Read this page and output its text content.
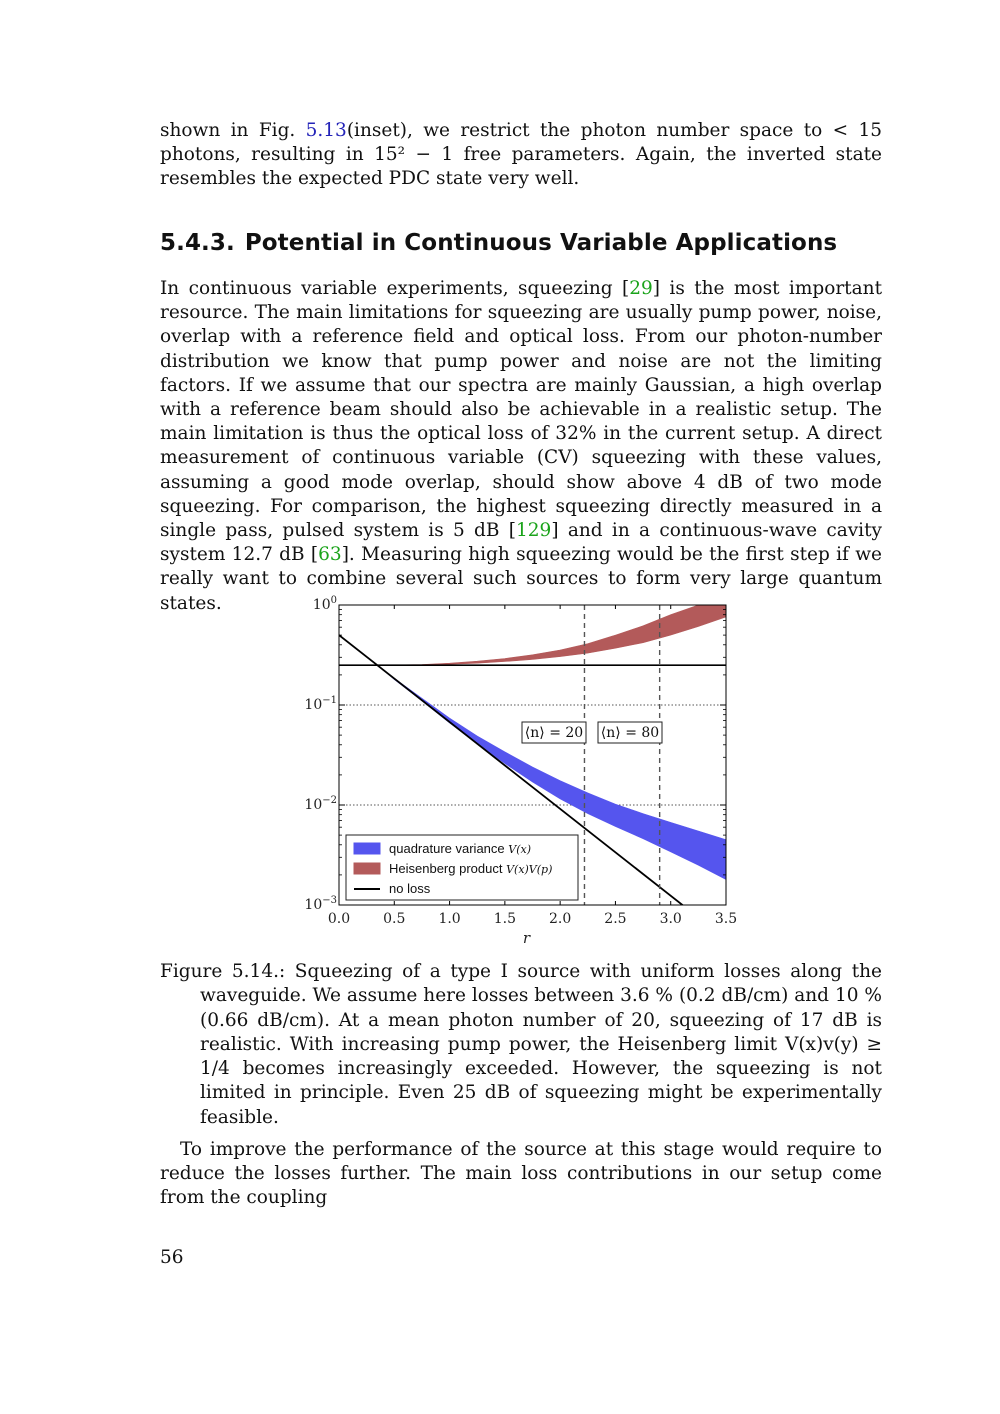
shown in Fig. 5.13(inset), we restrict the photon number space to < 15 photons, resulting in 15² − 1 free parameters. Again, the inverted state resembles the expected PDC state very well.

5.4.3. Potential in Continuous Variable Applications

In continuous variable experiments, squeezing [29] is the most important resource. The main limitations for squeezing are usually pump power, noise, overlap with a reference field and optical loss. From our photon-number distribution we know that pump power and noise are not the limiting factors. If we assume that our spectra are mainly Gaussian, a high overlap with a reference beam should also be achievable in a realistic setup. The main limitation is thus the optical loss of 32% in the current setup. A direct measurement of continuous variable (CV) squeezing with these values, assuming a good mode overlap, should show above 4 dB of two mode squeezing. For comparison, the highest squeezing directly measured in a single pass, pulsed system is 5 dB [129] and in a continuous-wave cavity system 12.7 dB [63]. Measuring high squeezing would be the first step if we really want to combine several such sources to form very large quantum states.

0.0 0.5 1.0 1.5 2.0 2.5 3.0 3.5
$10^0$
$10^{-1}$
$10^{-2}$
$10^{-3}$
r
⟨n⟩ = 20 ⟨n⟩ = 80
quadrature variance V(x)
Heisenberg product V(x)V(p)
no loss
Figure 5.14.: Squeezing of a type I source with uniform losses along the waveguide. We assume here losses between 3.6 % (0.2 dB/cm) and 10 % (0.66 dB/cm). At a mean photon number of 20, squeezing of 17 dB is realistic. With increasing pump power, the Heisenberg limit V(x)v(y) ≥ 1/4 becomes increasingly exceeded. However, the squeezing is not limited in principle. Even 25 dB of squeezing might be experimentally feasible.

To improve the performance of the source at this stage would require to reduce the losses further. The main loss contributions in our setup come from the coupling

56
